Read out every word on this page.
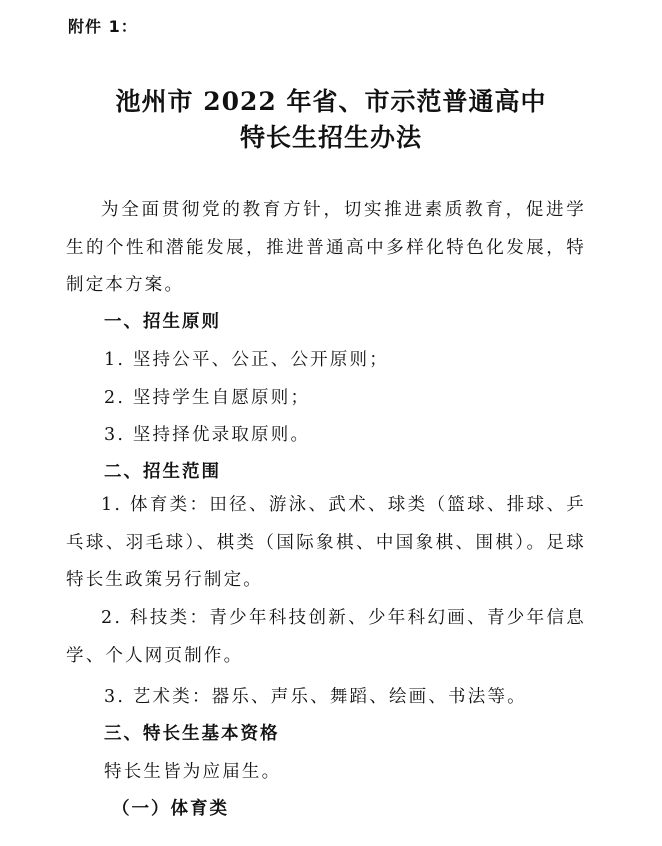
附件 1：
池州市 2022 年省、市示范普通高中
特长生招生办法
为全面贯彻党的教育方针，切实推进素质教育，促进学生的个性和潜能发展，推进普通高中多样化特色化发展，特制定本方案。
一、招生原则
1. 坚持公平、公正、公开原则；
2. 坚持学生自愿原则；
3. 坚持择优录取原则。
二、招生范围
1. 体育类：田径、游泳、武术、球类（篮球、排球、乒乓球、羽毛球）、棋类（国际象棋、中国象棋、围棋）。足球特长生政策另行制定。
2. 科技类：青少年科技创新、少年科幻画、青少年信息学、个人网页制作。
3. 艺术类：器乐、声乐、舞蹈、绘画、书法等。
三、特长生基本资格
特长生皆为应届生。
（一）体育类
